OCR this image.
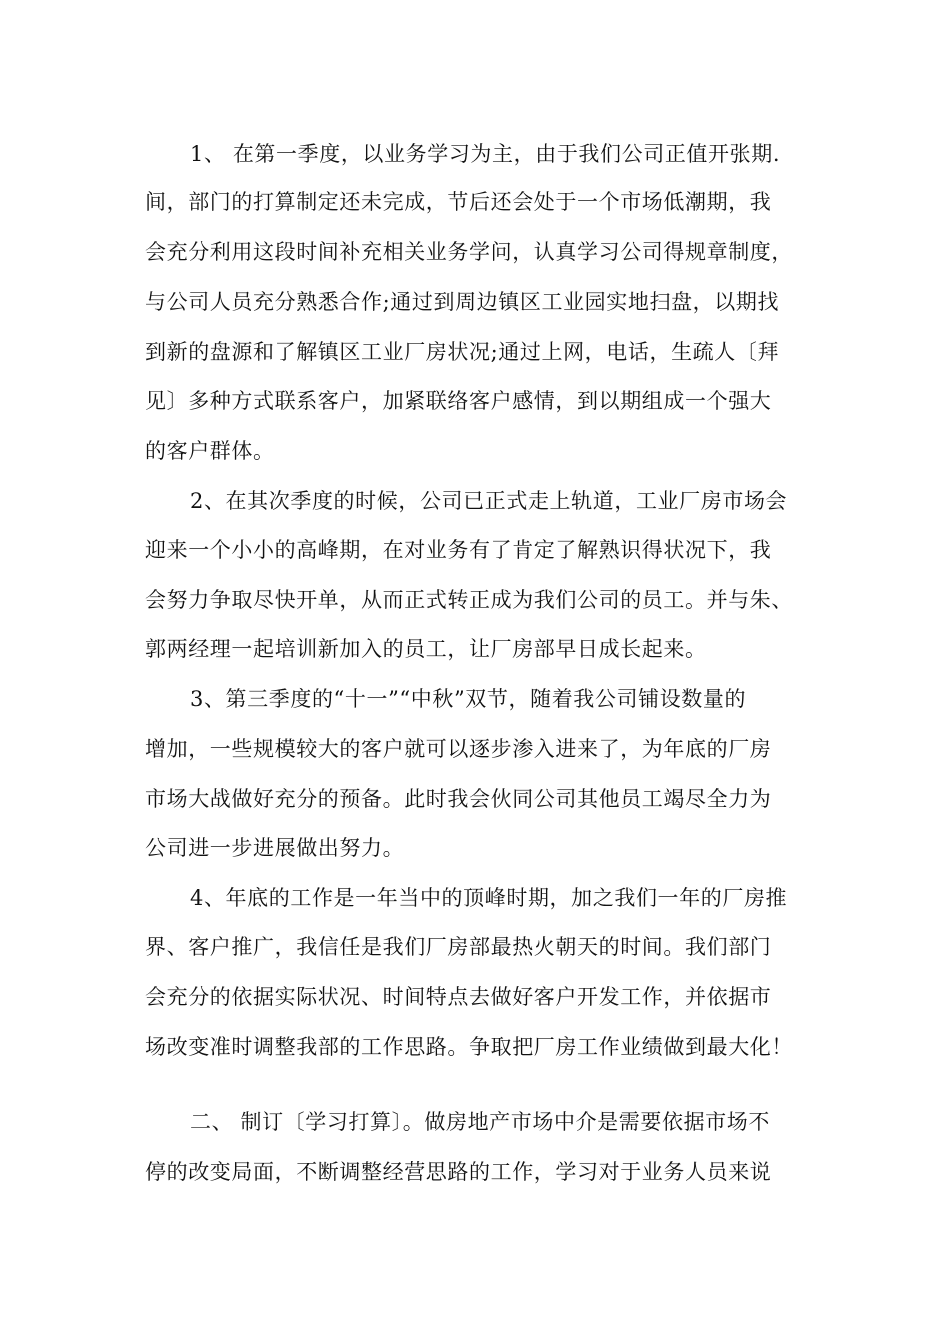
1、 在第一季度，以业务学习为主，由于我们公司正值开张期.
间，部门的打算制定还未完成，节后还会处于一个市场低潮期，我
会充分利用这段时间补充相关业务学问，认真学习公司得规章制度，
与公司人员充分熟悉合作;通过到周边镇区工业园实地扫盘，以期找
到新的盘源和了解镇区工业厂房状况;通过上网，电话，生疏人〔拜
见〕多种方式联系客户，加紧联络客户感情，到以期组成一个强大
的客户群体。
2、在其次季度的时候，公司已正式走上轨道，工业厂房市场会
迎来一个小小的高峰期，在对业务有了肯定了解熟识得状况下，我
会努力争取尽快开单，从而正式转正成为我们公司的员工。并与朱、
郭两经理一起培训新加入的员工，让厂房部早日成长起来。
3、第三季度的“十一”“中秋”双节，随着我公司铺设数量的
增加，一些规模较大的客户就可以逐步渗入进来了，为年底的厂房
市场大战做好充分的预备。此时我会伙同公司其他员工竭尽全力为
公司进一步进展做出努力。
4、年底的工作是一年当中的顶峰时期，加之我们一年的厂房推
界、客户推广，我信任是我们厂房部最热火朝天的时间。我们部门
会充分的依据实际状况、时间特点去做好客户开发工作，并依据市
场改变准时调整我部的工作思路。争取把厂房工作业绩做到最大化！
二、 制订〔学习打算〕。做房地产市场中介是需要依据市场不
停的改变局面，不断调整经营思路的工作，学习对于业务人员来说
